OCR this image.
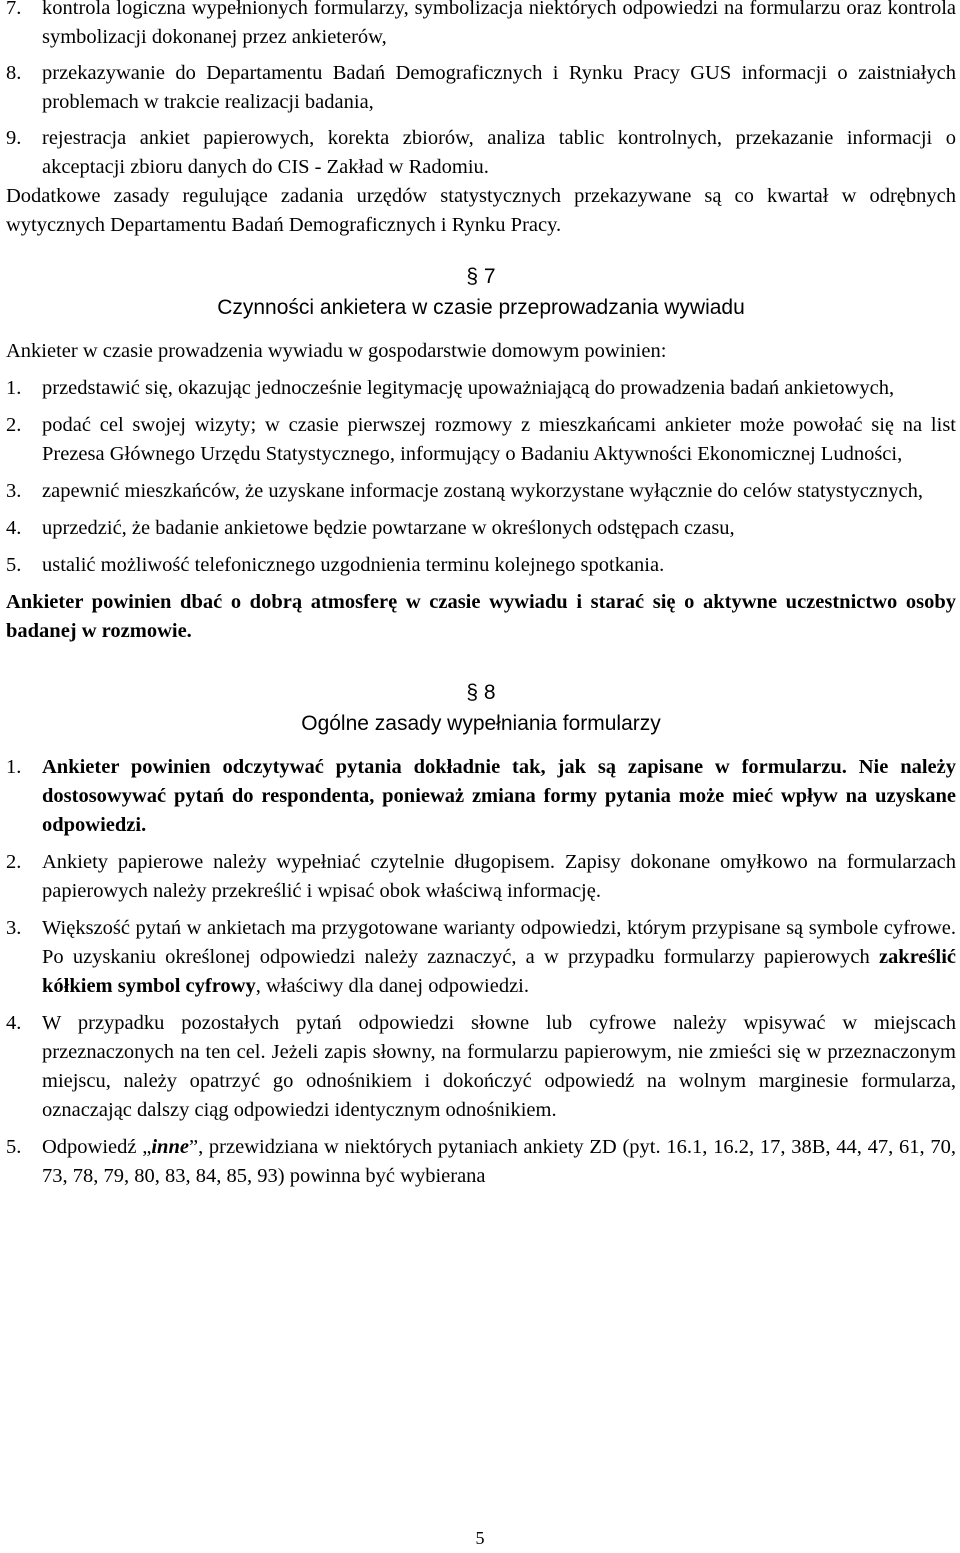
7.	kontrola logiczna wypełnionych formularzy, symbolizacja niektórych odpowiedzi na formularzu oraz kontrola symbolizacji dokonanej przez ankieterów,
8.	przekazywanie do Departamentu Badań Demograficznych i Rynku Pracy GUS informacji o zaistniałych problemach w trakcie realizacji badania,
9.	rejestracja ankiet papierowych, korekta zbiorów, analiza tablic kontrolnych, przekazanie informacji o akceptacji zbioru danych do CIS - Zakład w Radomiu.
Dodatkowe zasady regulujące zadania urzędów statystycznych przekazywane są co kwartał w odrębnych wytycznych Departamentu Badań Demograficznych i Rynku Pracy.
§ 7
Czynności ankietera w czasie przeprowadzania wywiadu
Ankieter w czasie prowadzenia wywiadu w gospodarstwie domowym powinien:
1.	przedstawić się, okazując jednocześnie legitymację upoważniającą do prowadzenia badań ankietowych,
2.	podać cel swojej wizyty; w czasie pierwszej rozmowy z mieszkańcami ankieter może powołać się na list Prezesa Głównego Urzędu Statystycznego, informujący o Badaniu Aktywności Ekonomicznej Ludności,
3.	zapewnić mieszkańców, że uzyskane informacje zostaną wykorzystane wyłącznie do celów statystycznych,
4.	uprzedzić, że badanie ankietowe będzie powtarzane w określonych odstępach czasu,
5.	ustalić możliwość telefonicznego uzgodnienia terminu kolejnego spotkania.
Ankieter powinien dbać o dobrą atmosferę w czasie wywiadu i starać się o aktywne uczestnictwo osoby badanej w rozmowie.
§ 8
Ogólne zasady wypełniania formularzy
1.	Ankieter powinien odczytywać pytania dokładnie tak, jak są zapisane w formularzu. Nie należy dostosowywać pytań do respondenta, ponieważ zmiana formy pytania może mieć wpływ na uzyskane odpowiedzi.
2.	Ankiety papierowe należy wypełniać czytelnie długopisem. Zapisy dokonane omyłkowo na formularzach papierowych należy przekreślić i wpisać obok właściwą informację.
3.	Większość pytań w ankietach ma przygotowane warianty odpowiedzi, którym przypisane są symbole cyfrowe. Po uzyskaniu określonej odpowiedzi należy zaznaczyć, a w przypadku formularzy papierowych zakreślić kółkiem symbol cyfrowy, właściwy dla danej odpowiedzi.
4.	W przypadku pozostałych pytań odpowiedzi słowne lub cyfrowe należy wpisywać w miejscach przeznaczonych na ten cel. Jeżeli zapis słowny, na formularzu papierowym, nie zmieści się w przeznaczonym miejscu, należy opatrzyć go odnośnikiem i dokończyć odpowiedź na wolnym marginesie formularza, oznaczając dalszy ciąg odpowiedzi identycznym odnośnikiem.
5.	Odpowiedź „inne”, przewidziana w niektórych pytaniach ankiety ZD (pyt. 16.1, 16.2, 17, 38B, 44, 47, 61, 70, 73, 78, 79, 80, 83, 84, 85, 93) powinna być wybierana
5
